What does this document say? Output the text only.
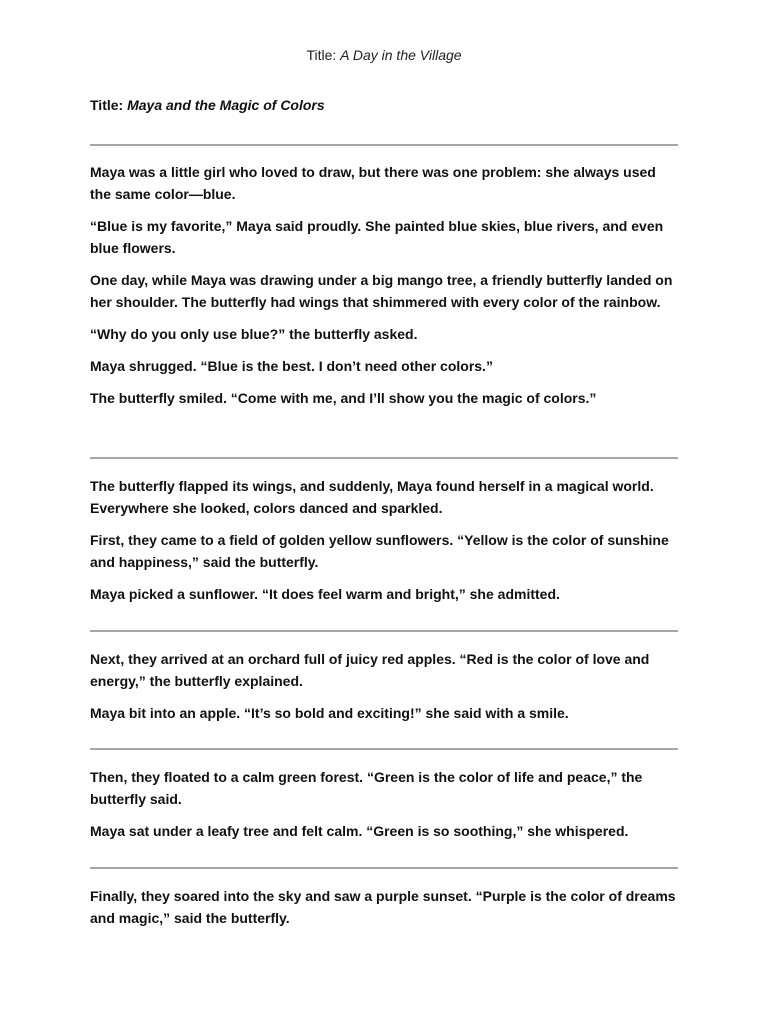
Title: A Day in the Village
Title: Maya and the Magic of Colors

Maya was a little girl who loved to draw, but there was one problem: she always used the same color—blue.

“Blue is my favorite,” Maya said proudly. She painted blue skies, blue rivers, and even blue flowers.

One day, while Maya was drawing under a big mango tree, a friendly butterfly landed on her shoulder. The butterfly had wings that shimmered with every color of the rainbow.

“Why do you only use blue?” the butterfly asked.

Maya shrugged. “Blue is the best. I don’t need other colors.”

The butterfly smiled. “Come with me, and I’ll show you the magic of colors.”

The butterfly flapped its wings, and suddenly, Maya found herself in a magical world. Everywhere she looked, colors danced and sparkled.

First, they came to a field of golden yellow sunflowers. “Yellow is the color of sunshine and happiness,” said the butterfly.

Maya picked a sunflower. “It does feel warm and bright,” she admitted.

Next, they arrived at an orchard full of juicy red apples. “Red is the color of love and energy,” the butterfly explained.

Maya bit into an apple. “It’s so bold and exciting!” she said with a smile.

Then, they floated to a calm green forest. “Green is the color of life and peace,” the butterfly said.

Maya sat under a leafy tree and felt calm. “Green is so soothing,” she whispered.

Finally, they soared into the sky and saw a purple sunset. “Purple is the color of dreams and magic,” said the butterfly.
